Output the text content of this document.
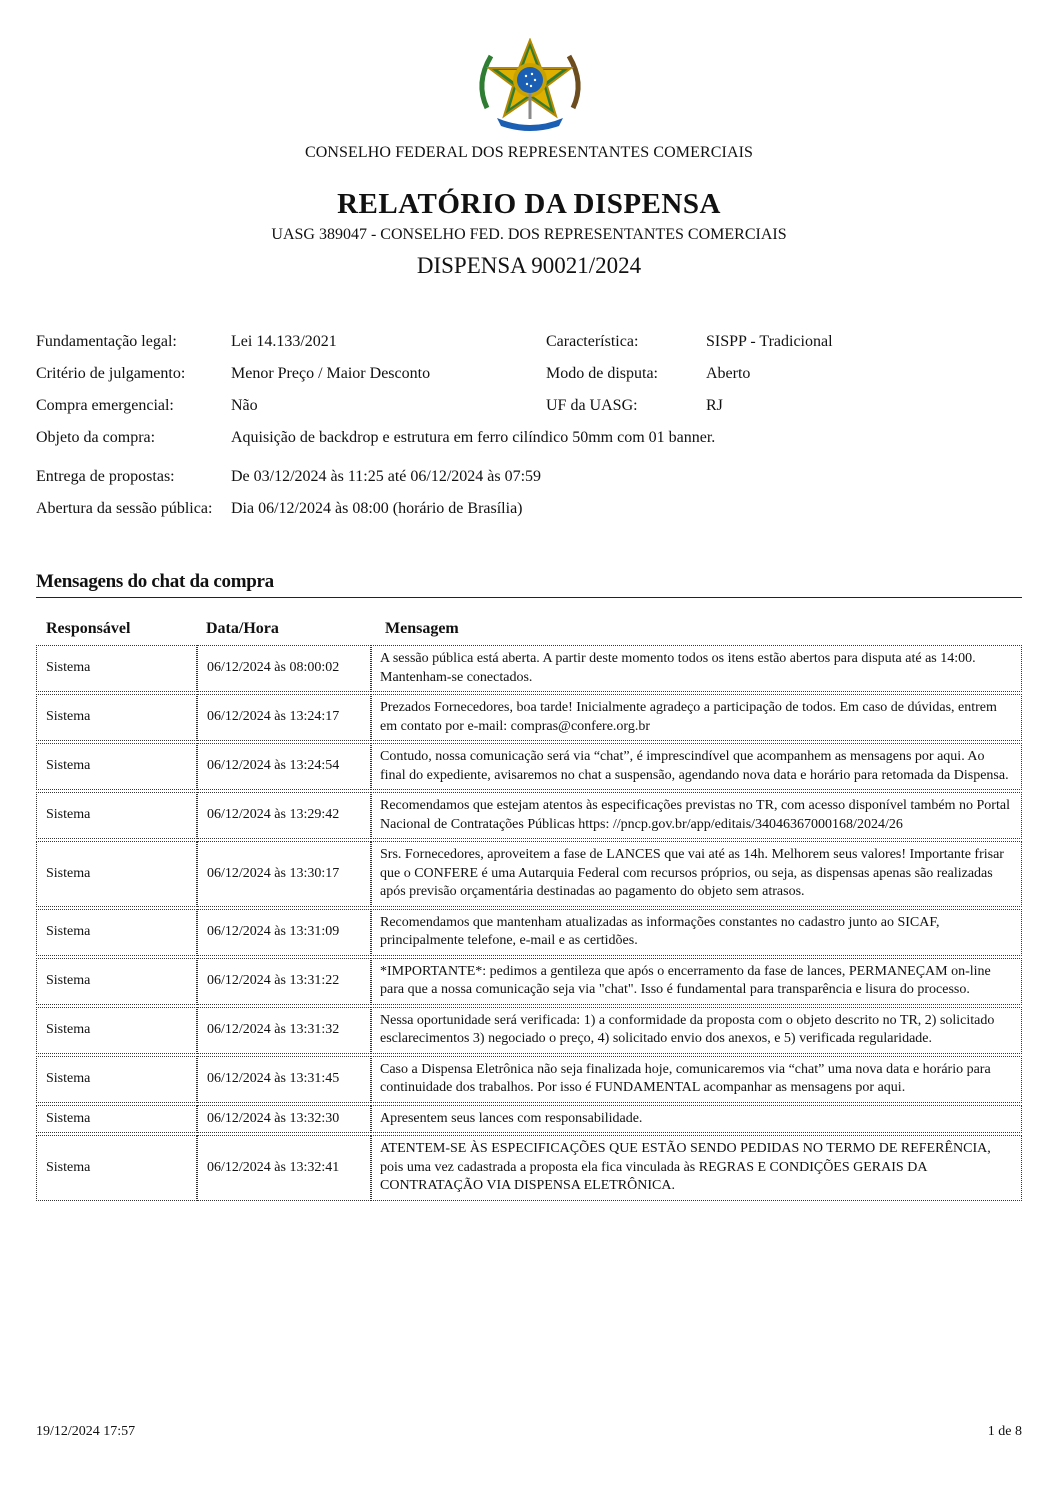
CONSELHO FEDERAL DOS REPRESENTANTES COMERCIAIS
RELATÓRIO DA DISPENSA
UASG 389047 - CONSELHO FED. DOS REPRESENTANTES COMERCIAIS
DISPENSA 90021/2024
Fundamentação legal:	Lei 14.133/2021	Característica:	SISPP - Tradicional
Critério de julgamento:	Menor Preço / Maior Desconto	Modo de disputa:	Aberto
Compra emergencial:	Não	UF da UASG:	RJ
Objeto da compra:	Aquisição de backdrop e estrutura em ferro cilíndico 50mm com 01 banner.
Entrega de propostas:	De 03/12/2024 às 11:25 até 06/12/2024 às 07:59
Abertura da sessão pública: Dia 06/12/2024 às 08:00 (horário de Brasília)
Mensagens do chat da compra
Responsável	Data/Hora	Mensagem
Sistema	06/12/2024 às 08:00:02	A sessão pública está aberta. A partir deste momento todos os itens estão abertos para disputa até as 14:00. Mantenham-se conectados.
Sistema	06/12/2024 às 13:24:17	Prezados Fornecedores, boa tarde! Inicialmente agradeço a participação de todos. Em caso de dúvidas, entrem em contato por e-mail: compras@confere.org.br
Sistema	06/12/2024 às 13:24:54	Contudo, nossa comunicação será via “chat”, é imprescindível que acompanhem as mensagens por aqui. Ao final do expediente, avisaremos no chat a suspensão, agendando nova data e horário para retomada da Dispensa.
Sistema	06/12/2024 às 13:29:42	Recomendamos que estejam atentos às especificações previstas no TR, com acesso disponível também no Portal Nacional de Contratações Públicas https: //pncp.gov.br/app/editais/34046367000168/2024/26
Sistema	06/12/2024 às 13:30:17	Srs. Fornecedores, aproveitem a fase de LANCES que vai até as 14h. Melhorem seus valores! Importante frisar que o CONFERE é uma Autarquia Federal com recursos próprios, ou seja, as dispensas apenas são realizadas após previsão orçamentária destinadas ao pagamento do objeto sem atrasos.
Sistema	06/12/2024 às 13:31:09	Recomendamos que mantenham atualizadas as informações constantes no cadastro junto ao SICAF, principalmente telefone, e-mail e as certidões.
Sistema	06/12/2024 às 13:31:22	*IMPORTANTE*: pedimos a gentileza que após o encerramento da fase de lances, PERMANEÇAM on-line para que a nossa comunicação seja via "chat". Isso é fundamental para transparência e lisura do processo.
Sistema	06/12/2024 às 13:31:32	Nessa oportunidade será verificada: 1) a conformidade da proposta com o objeto descrito no TR, 2) solicitado esclarecimentos 3) negociado o preço, 4) solicitado envio dos anexos, e 5) verificada regularidade.
Sistema	06/12/2024 às 13:31:45	Caso a Dispensa Eletrônica não seja finalizada hoje, comunicaremos via “chat” uma nova data e horário para continuidade dos trabalhos. Por isso é FUNDAMENTAL acompanhar as mensagens por aqui.
Sistema	06/12/2024 às 13:32:30	Apresentem seus lances com responsabilidade.
Sistema	06/12/2024 às 13:32:41	ATENTEM-SE ÀS ESPECIFICAÇÕES QUE ESTÃO SENDO PEDIDAS NO TERMO DE REFERÊNCIA, pois uma vez cadastrada a proposta ela fica vinculada às REGRAS E CONDIÇÕES GERAIS DA CONTRATAÇÃO VIA DISPENSA ELETRÔNICA.
19/12/2024 17:57	1 de 8
